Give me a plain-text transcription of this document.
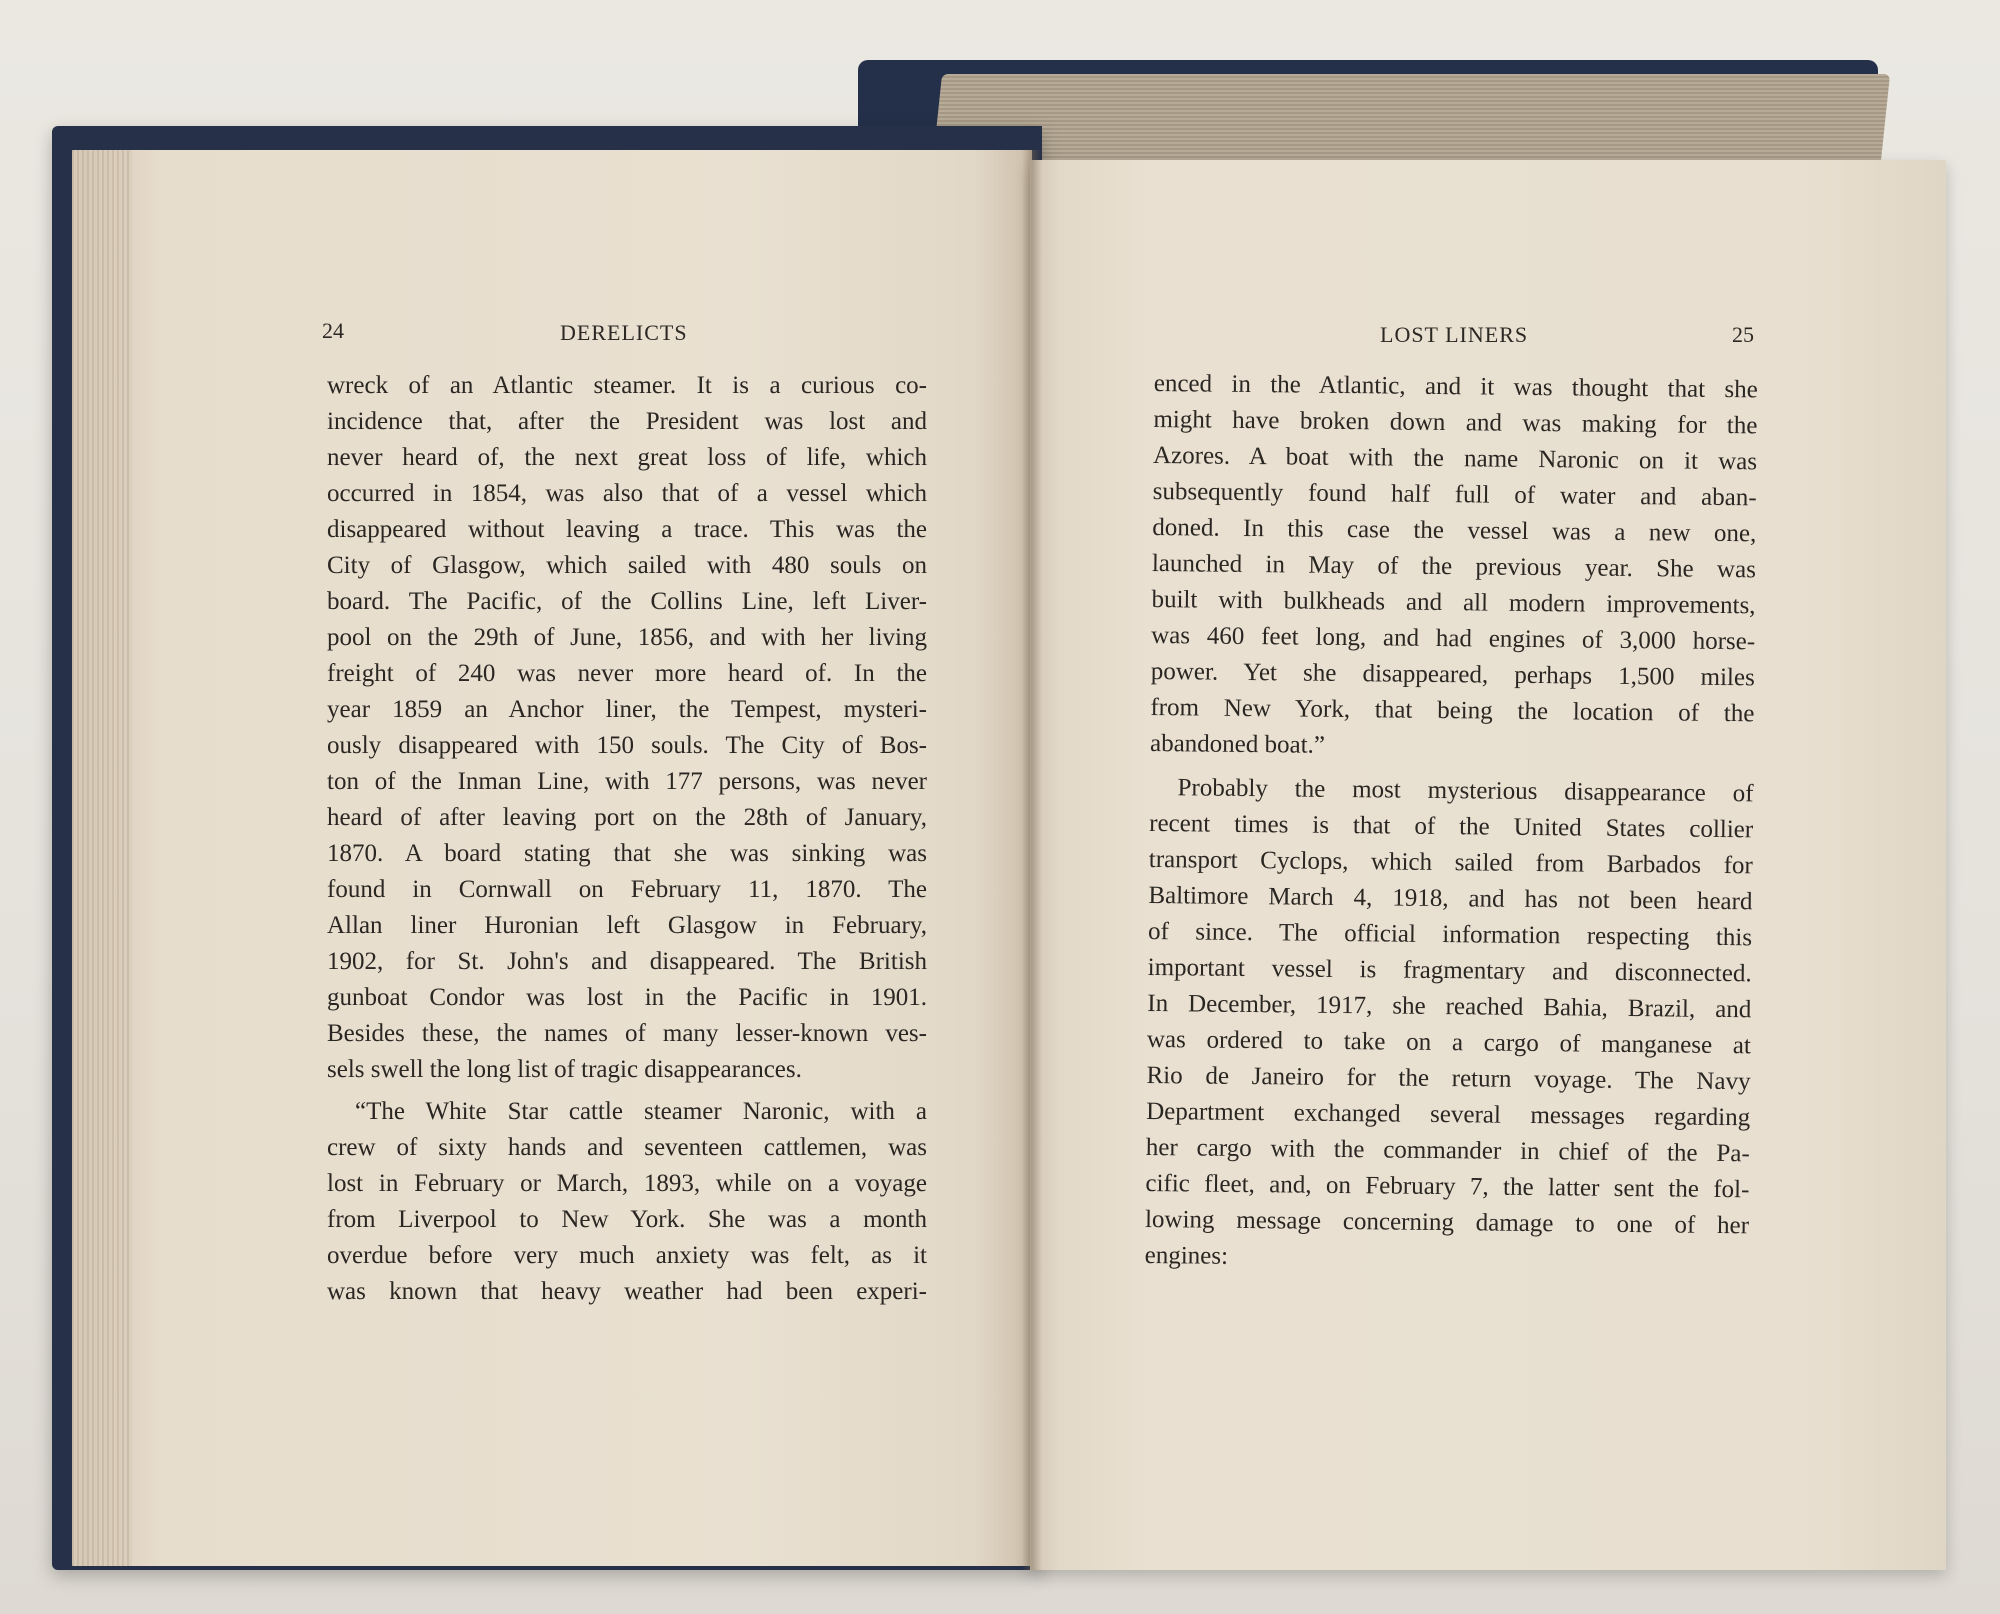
24	DERELICTS	LOST LINERS	25
wreck of an Atlantic steamer. It is a curious co-
incidence that, after the President was lost and
never heard of, the next great loss of life, which
occurred in 1854, was also that of a vessel which
disappeared without leaving a trace. This was the
City of Glasgow, which sailed with 480 souls on
board. The Pacific, of the Collins Line, left Liver-
pool on the 29th of June, 1856, and with her living
freight of 240 was never more heard of. In the
year 1859 an Anchor liner, the Tempest, mysteri-
ously disappeared with 150 souls. The City of Bos-
ton of the Inman Line, with 177 persons, was never
heard of after leaving port on the 28th of January,
1870. A board stating that she was sinking was
found in Cornwall on February 11, 1870. The
Allan liner Huronian left Glasgow in February,
1902, for St. John's and disappeared. The British
gunboat Condor was lost in the Pacific in 1901.
Besides these, the names of many lesser-known ves-
sels swell the long list of tragic disappearances.
“The White Star cattle steamer Naronic, with a
crew of sixty hands and seventeen cattlemen, was
lost in February or March, 1893, while on a voyage
from Liverpool to New York. She was a month
overdue before very much anxiety was felt, as it
was known that heavy weather had been experi-
enced in the Atlantic, and it was thought that she
might have broken down and was making for the
Azores. A boat with the name Naronic on it was
subsequently found half full of water and aban-
doned. In this case the vessel was a new one,
launched in May of the previous year. She was
built with bulkheads and all modern improvements,
was 460 feet long, and had engines of 3,000 horse-
power. Yet she disappeared, perhaps 1,500 miles
from New York, that being the location of the
abandoned boat.”
Probably the most mysterious disappearance of
recent times is that of the United States collier
transport Cyclops, which sailed from Barbados for
Baltimore March 4, 1918, and has not been heard
of since. The official information respecting this
important vessel is fragmentary and disconnected.
In December, 1917, she reached Bahia, Brazil, and
was ordered to take on a cargo of manganese at
Rio de Janeiro for the return voyage. The Navy
Department exchanged several messages regarding
her cargo with the commander in chief of the Pa-
cific fleet, and, on February 7, the latter sent the fol-
lowing message concerning damage to one of her
engines:
